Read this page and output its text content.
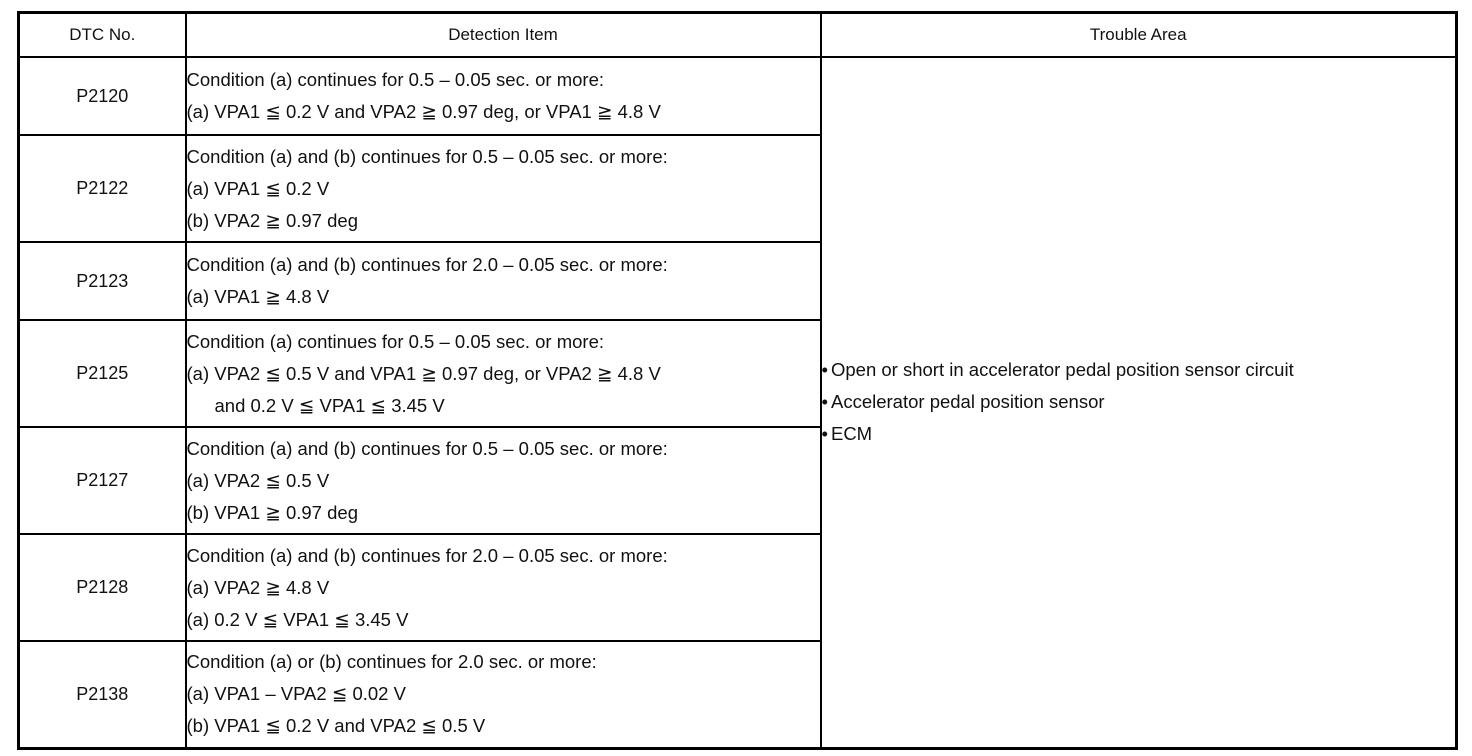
DTC No.	Detection Item	Trouble Area
P2120	Condition (a) continues for 0.5 – 0.05 sec. or more:
(a) VPA1 ≦ 0.2 V and VPA2 ≧ 0.97 deg, or VPA1 ≧ 4.8 V	• Open or short in accelerator pedal position sensor circuit
• Accelerator pedal position sensor
• ECM

P2122	Condition (a) and (b) continues for 0.5 – 0.05 sec. or more:
(a) VPA1 ≦ 0.2 V
(b) VPA2 ≧ 0.97 deg	

P2123	Condition (a) and (b) continues for 2.0 – 0.05 sec. or more:
(a) VPA1 ≧ 4.8 V	

P2125	Condition (a) continues for 0.5 – 0.05 sec. or more:
(a) VPA2 ≦ 0.5 V and VPA1 ≧ 0.97 deg, or VPA2 ≧ 4.8 V
and 0.2 V ≦ VPA1 ≦ 3.45 V	

P2127	Condition (a) and (b) continues for 0.5 – 0.05 sec. or more:
(a) VPA2 ≦ 0.5 V
(b) VPA1 ≧ 0.97 deg	

P2128	Condition (a) and (b) continues for 2.0 – 0.05 sec. or more:
(a) VPA2 ≧ 4.8 V
(a) 0.2 V ≦ VPA1 ≦ 3.45 V	

P2138	Condition (a) or (b) continues for 2.0 sec. or more:
(a) VPA1 – VPA2 ≦ 0.02 V
(b) VPA1 ≦ 0.2 V and VPA2 ≦ 0.5 V	
